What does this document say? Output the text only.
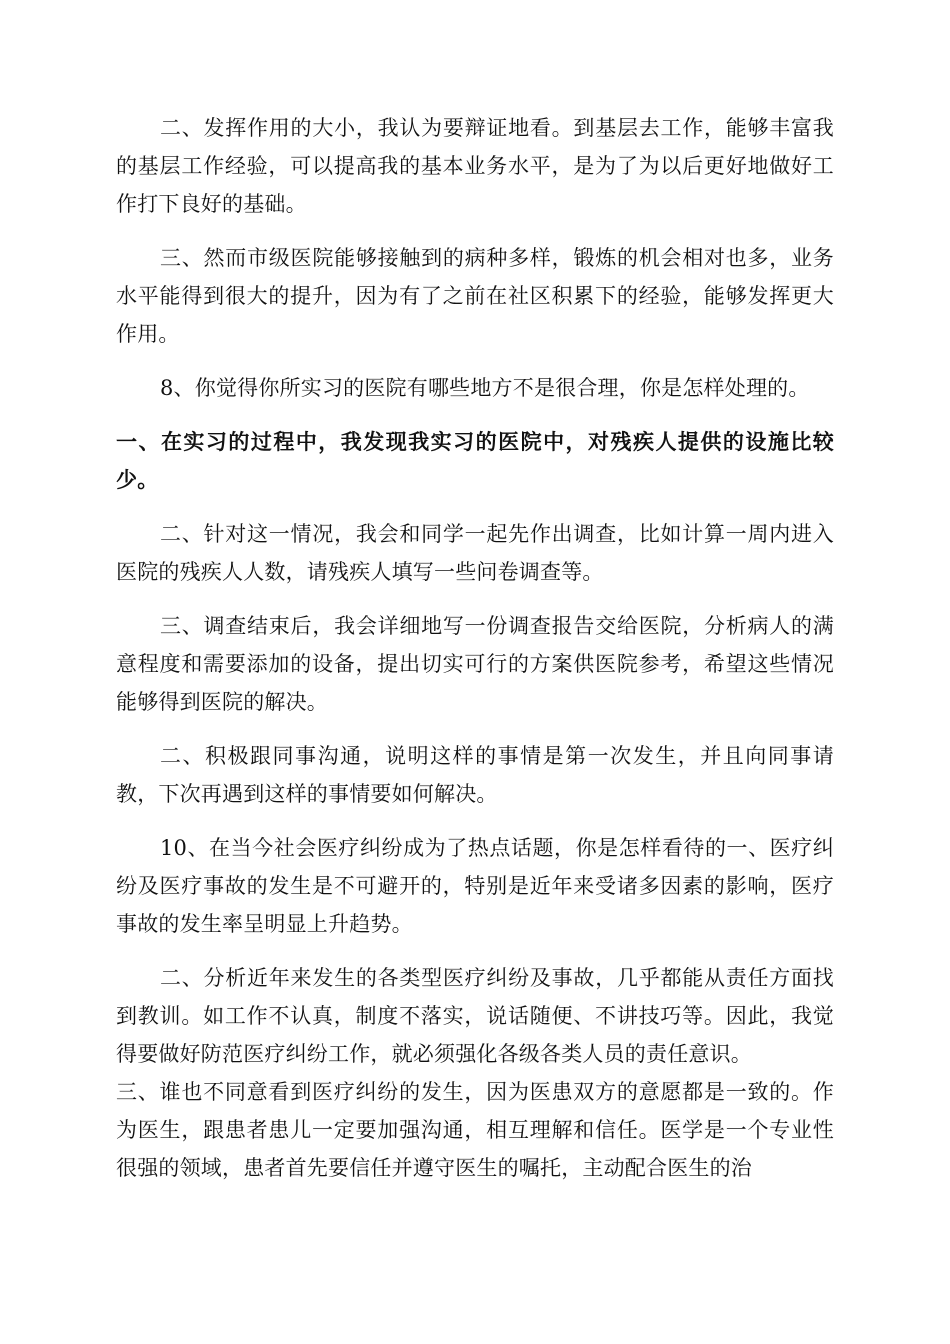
二、发挥作用的大小，我认为要辩证地看。到基层去工作，能够丰富我的基层工作经验，可以提高我的基本业务水平，是为了为以后更好地做好工作打下良好的基础。

三、然而市级医院能够接触到的病种多样，锻炼的机会相对也多，业务水平能得到很大的提升，因为有了之前在社区积累下的经验，能够发挥更大作用。

8、你觉得你所实习的医院有哪些地方不是很合理，你是怎样处理的。

一、在实习的过程中，我发现我实习的医院中，对残疾人提供的设施比较少。

二、针对这一情况，我会和同学一起先作出调查，比如计算一周内进入医院的残疾人人数，请残疾人填写一些问卷调查等。

三、调查结束后，我会详细地写一份调查报告交给医院，分析病人的满意程度和需要添加的设备，提出切实可行的方案供医院参考，希望这些情况能够得到医院的解决。

二、积极跟同事沟通，说明这样的事情是第一次发生，并且向同事请教，下次再遇到这样的事情要如何解决。

10、在当今社会医疗纠纷成为了热点话题，你是怎样看待的一、医疗纠纷及医疗事故的发生是不可避开的，特别是近年来受诸多因素的影响，医疗事故的发生率呈明显上升趋势。

二、分析近年来发生的各类型医疗纠纷及事故，几乎都能从责任方面找到教训。如工作不认真，制度不落实，说话随便、不讲技巧等。因此，我觉得要做好防范医疗纠纷工作，就必须强化各级各类人员的责任意识。

三、谁也不同意看到医疗纠纷的发生，因为医患双方的意愿都是一致的。作为医生，跟患者患儿一定要加强沟通，相互理解和信任。医学是一个专业性很强的领域，患者首先要信任并遵守医生的嘱托，主动配合医生的治
